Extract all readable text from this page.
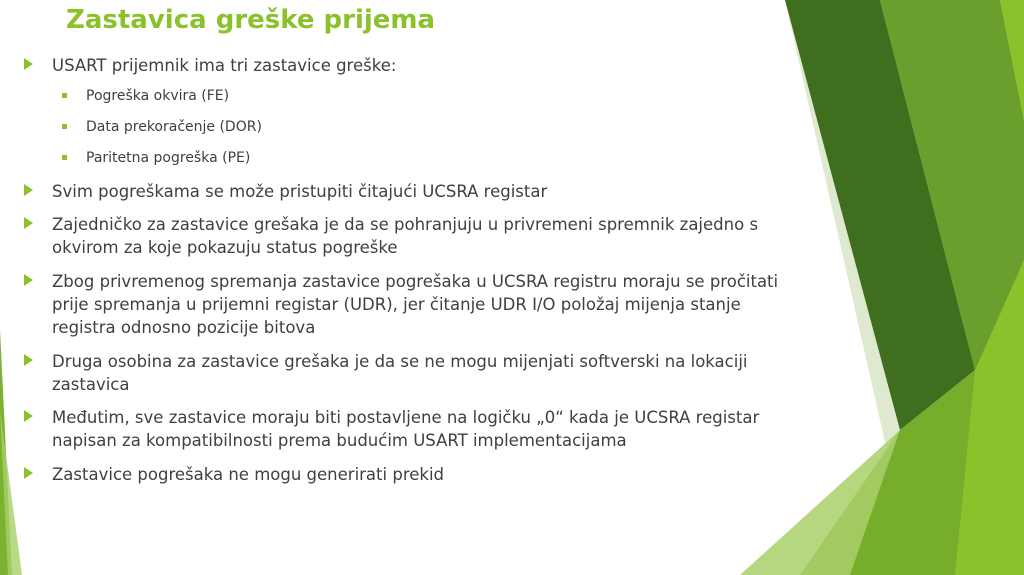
Zastavica greške prijema
USART prijemnik ima tri zastavice greške:
Pogreška okvira (FE)
Data prekoračenje (DOR)
Paritetna pogreška (PE)
Svim pogreškama se može pristupiti čitajući UCSRA registar
Zajedničko za zastavice grešaka je da se pohranjuju u privremeni spremnik zajedno s
okvirom za koje pokazuju status pogreške
Zbog privremenog spremanja zastavice pogrešaka u UCSRA registru moraju se pročitati
prije spremanja u prijemni registar (UDR), jer čitanje UDR I/O položaj mijenja stanje
registra odnosno pozicije bitova
Druga osobina za zastavice grešaka je da se ne mogu mijenjati softverski na lokaciji
zastavica
Međutim, sve zastavice moraju biti postavljene na logičku „0“ kada je UCSRA registar
napisan za kompatibilnosti prema budućim USART implementacijama
Zastavice pogrešaka ne mogu generirati prekid
